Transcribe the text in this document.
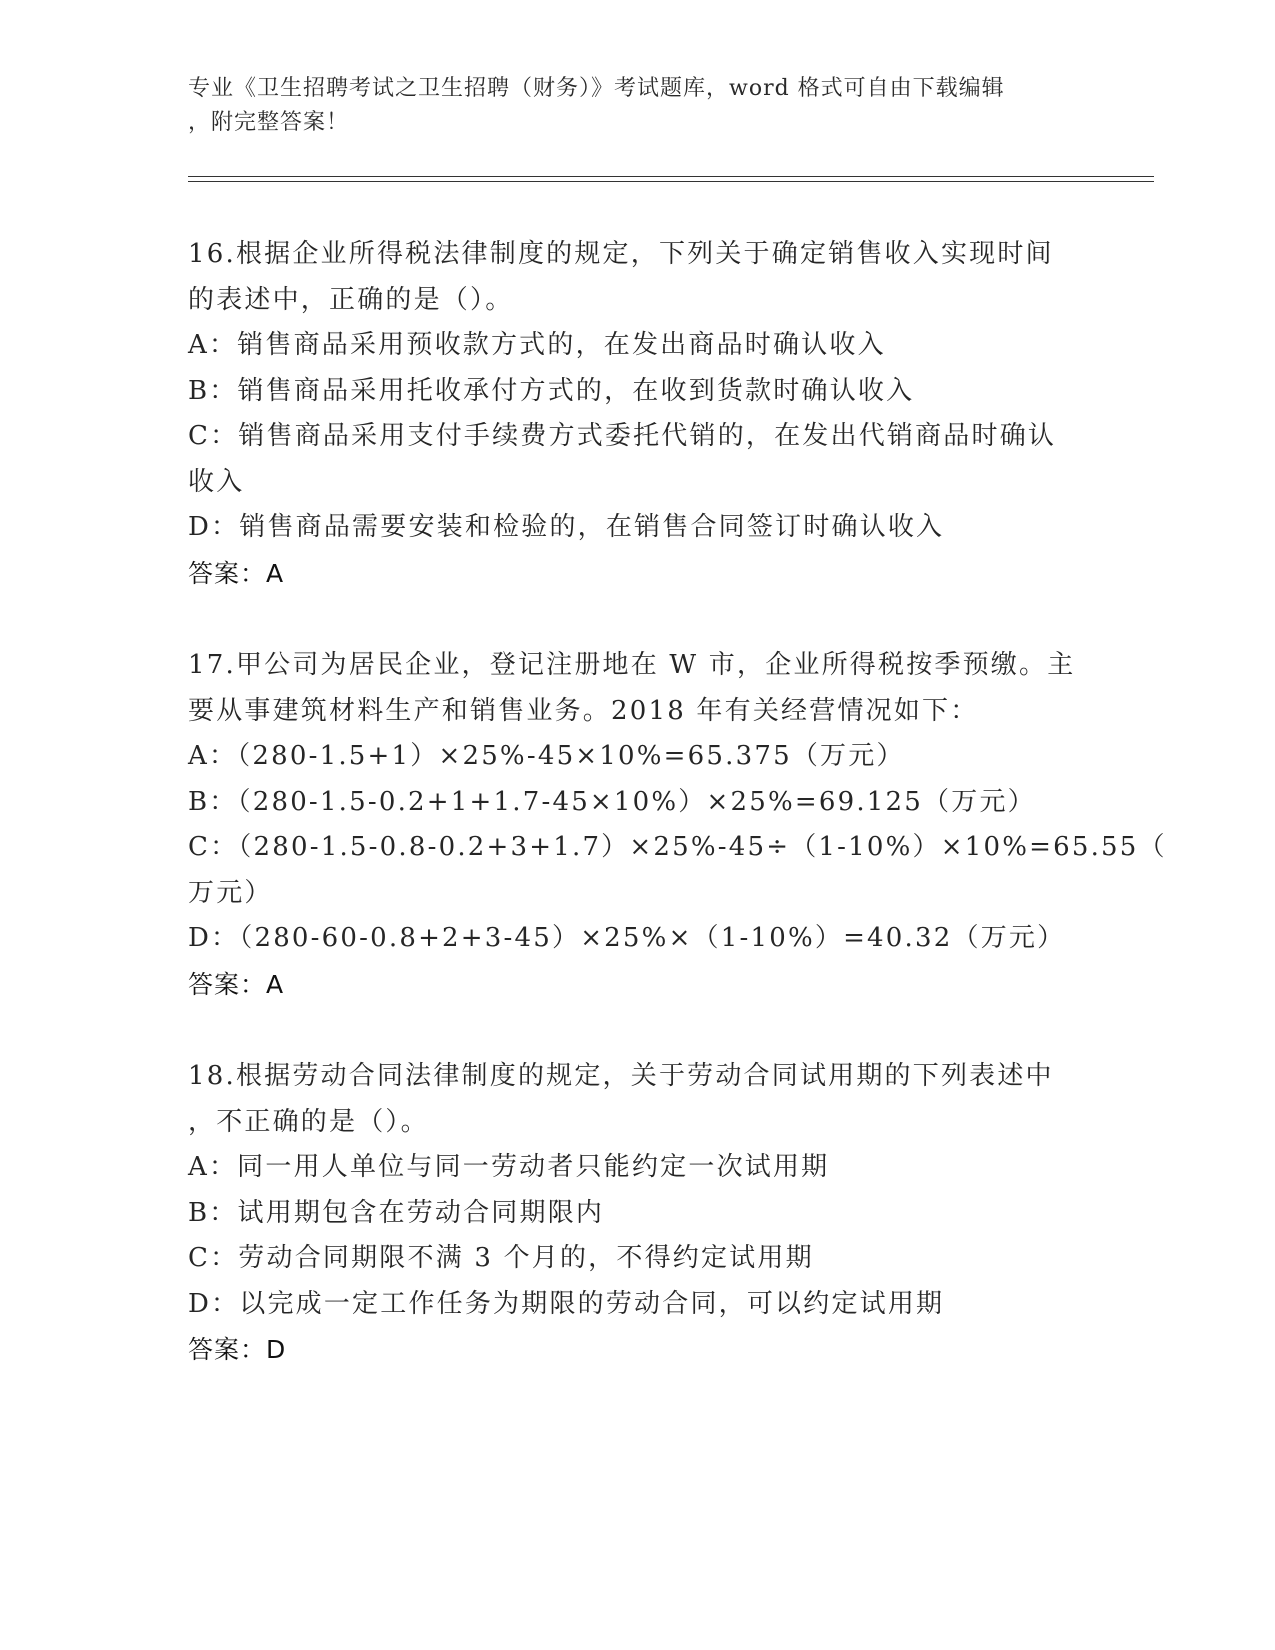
专业《卫生招聘考试之卫生招聘（财务）》考试题库，word 格式可自由下载编辑
，附完整答案！
16.根据企业所得税法律制度的规定，下列关于确定销售收入实现时间
的表述中，正确的是（）。
A：销售商品采用预收款方式的，在发出商品时确认收入
B：销售商品采用托收承付方式的，在收到货款时确认收入
C：销售商品采用支付手续费方式委托代销的，在发出代销商品时确认
收入
D：销售商品需要安装和检验的，在销售合同签订时确认收入
答案：A
17.甲公司为居民企业，登记注册地在 W 市，企业所得税按季预缴。主
要从事建筑材料生产和销售业务。2018 年有关经营情况如下：
A：（280-1.5+1）×25%-45×10%=65.375（万元）
B：（280-1.5-0.2+1+1.7-45×10%）×25%=69.125（万元）
C：（280-1.5-0.8-0.2+3+1.7）×25%-45÷（1-10%）×10%=65.55（
万元）
D：（280-60-0.8+2+3-45）×25%×（1-10%）=40.32（万元）
答案：A
18.根据劳动合同法律制度的规定，关于劳动合同试用期的下列表述中
，不正确的是（）。
A：同一用人单位与同一劳动者只能约定一次试用期
B：试用期包含在劳动合同期限内
C：劳动合同期限不满 3 个月的，不得约定试用期
D：以完成一定工作任务为期限的劳动合同，可以约定试用期
答案：D
